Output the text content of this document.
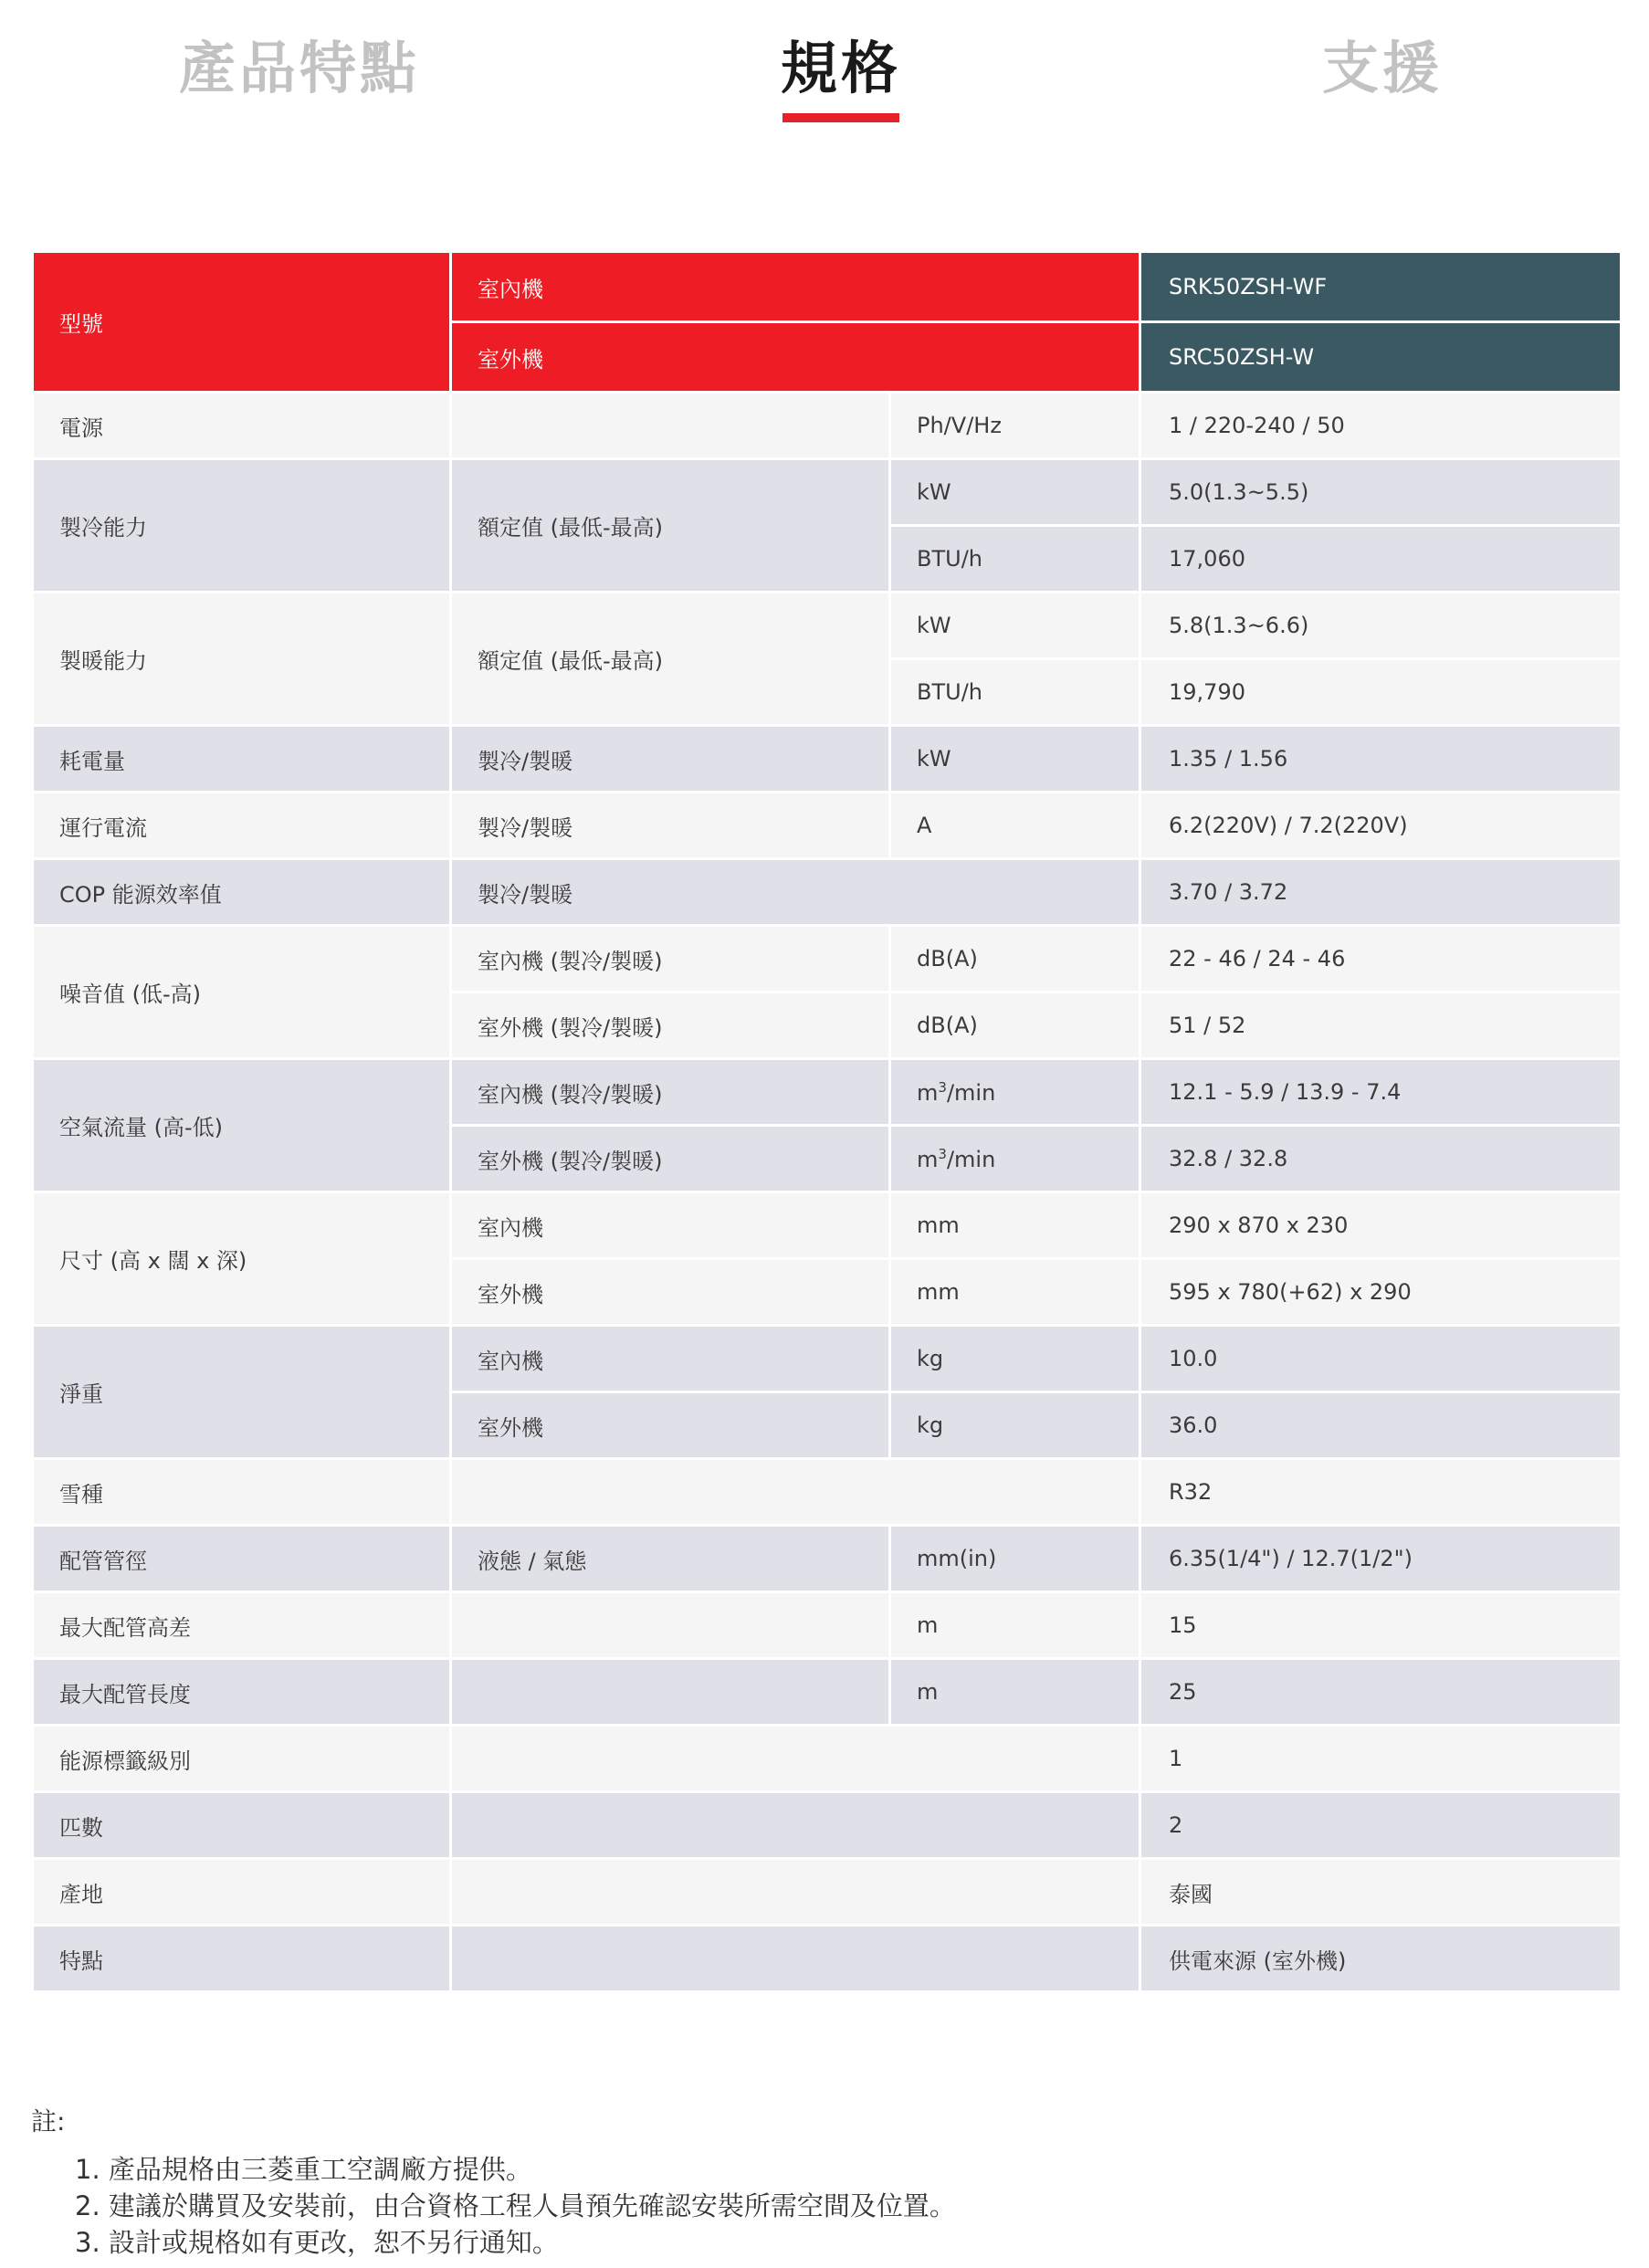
產品特點	規格	支援
型號	室內機		SRK50ZSH-WF
	室外機		SRC50ZSH-W
電源		Ph/V/Hz	1 / 220-240 / 50
製冷能力	額定值 (最低-最高)	kW	5.0(1.3~5.5)
		BTU/h	17,060
製暖能力	額定值 (最低-最高)	kW	5.8(1.3~6.6)
		BTU/h	19,790
耗電量	製冷/製暖	kW	1.35 / 1.56
運行電流	製冷/製暖	A	6.2(220V) / 7.2(220V)
COP 能源效率值	製冷/製暖		3.70 / 3.72
噪音值 (低-高)	室內機 (製冷/製暖)	dB(A)	22 - 46 / 24 - 46
	室外機 (製冷/製暖)	dB(A)	51 / 52
空氣流量 (高-低)	室內機 (製冷/製暖)	$m^3/\min$	12.1 - 5.9 / 13.9 - 7.4
	室外機 (製冷/製暖)	$m^3/\min$	32.8 / 32.8
尺寸 (高 x 闊 x 深)	室內機	mm	290 x 870 x 230
	室外機	mm	595 x 780(+62) x 290
淨重	室內機	kg	10.0
	室外機	kg	36.0
雪種			R32
配管管徑	液態 / 氣態	mm(in)	6.35(1/4") / 12.7(1/2")
最大配管高差		m	15
最大配管長度		m	25
能源標籤級別			1
匹數			2
產地			泰國
特點			供電來源 (室外機)
註:
1. 產品規格由三菱重工空調廠方提供。
2. 建議於購買及安裝前，由合資格工程人員預先確認安裝所需空間及位置。
3. 設計或規格如有更改，恕不另行通知。
